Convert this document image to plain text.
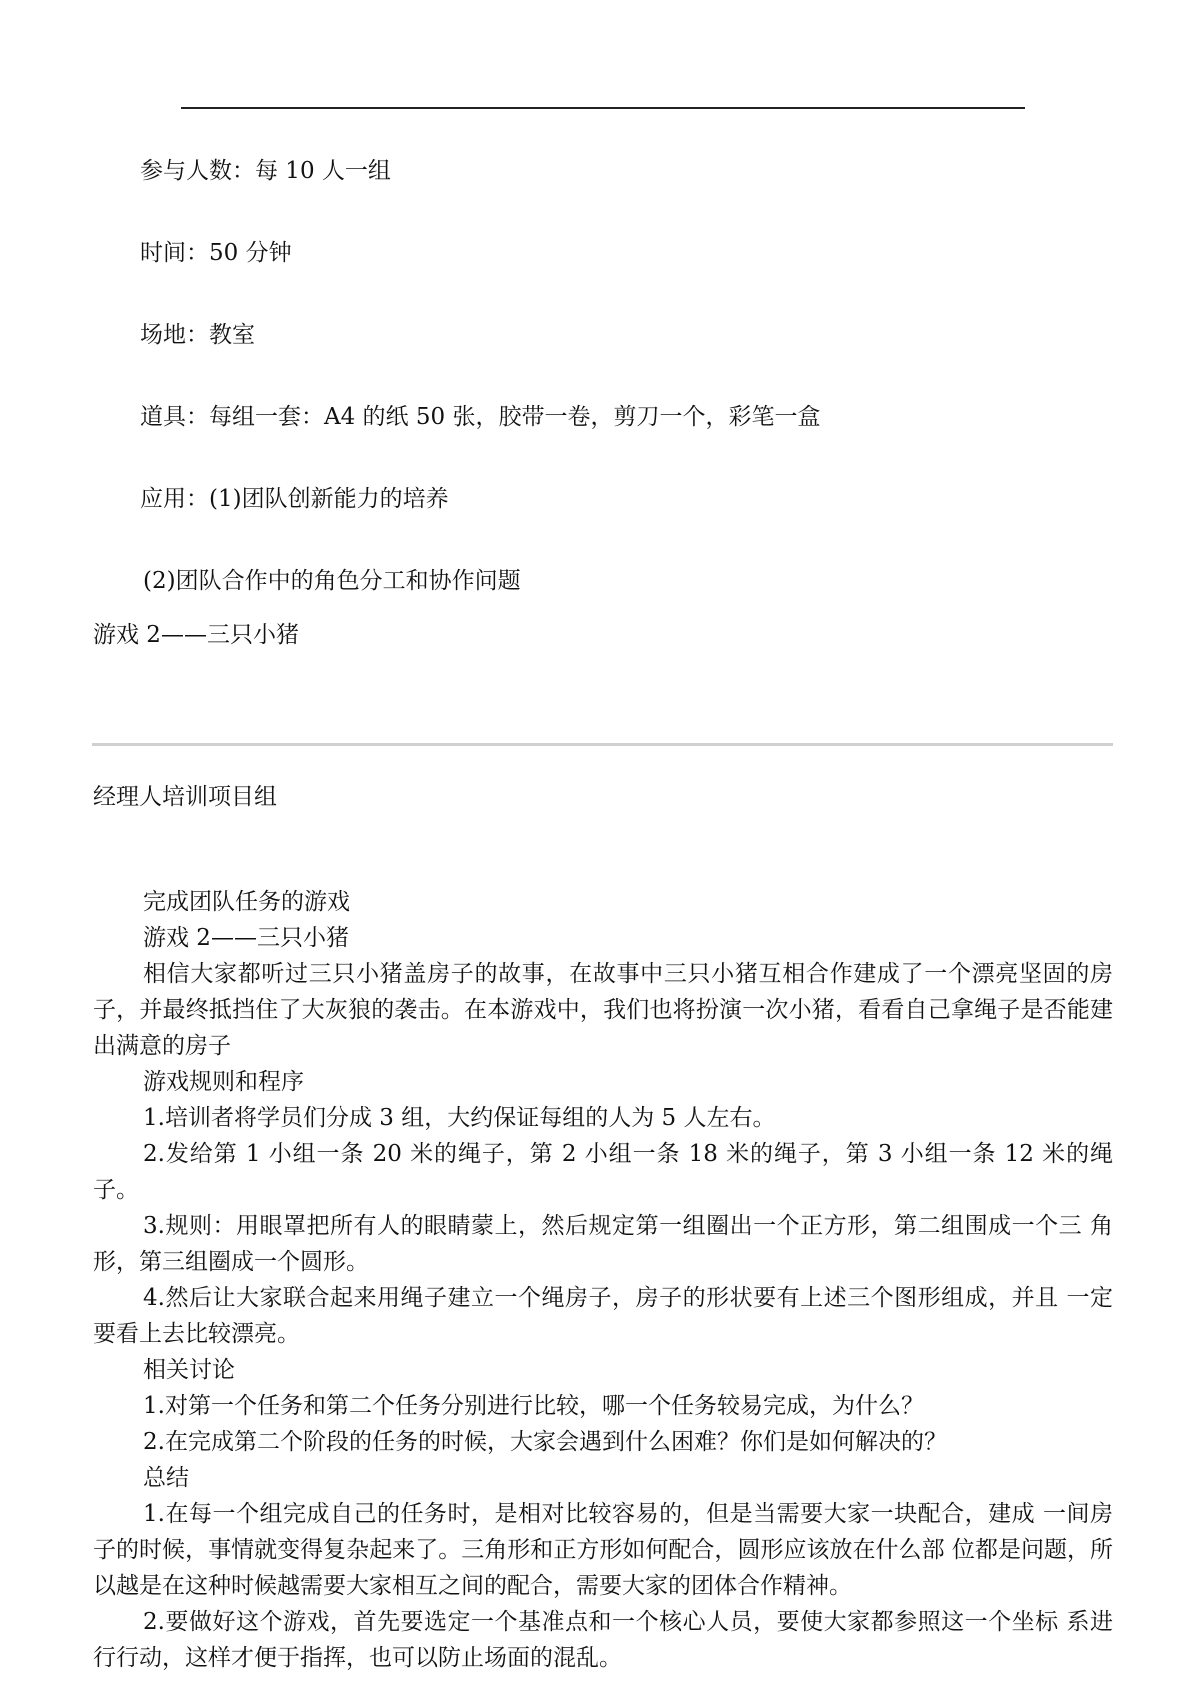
参与人数：每 10 人一组
时间：50 分钟
场地：教室
道具：每组一套：A4 的纸 50 张，胶带一卷，剪刀一个，彩笔一盒
应用：(1)团队创新能力的培养
(2)团队合作中的角色分工和协作问题
游戏 2——三只小猪
经理人培训项目组

完成团队任务的游戏

游戏 2——三只小猪

相信大家都听过三只小猪盖房子的故事，在故事中三只小猪互相合作建成了一个漂亮坚固的房子，并最终抵挡住了大灰狼的袭击。在本游戏中，我们也将扮演一次小猪，看看自己拿绳子是否能建出满意的房子

游戏规则和程序

1.培训者将学员们分成 3 组，大约保证每组的人为 5 人左右。

2.发给第 1 小组一条 20 米的绳子，第 2 小组一条 18 米的绳子，第 3 小组一条 12 米的绳子。

3.规则：用眼罩把所有人的眼睛蒙上，然后规定第一组圈出一个正方形，第二组围成一个三 角形，第三组圈成一个圆形。

4.然后让大家联合起来用绳子建立一个绳房子，房子的形状要有上述三个图形组成，并且 一定要看上去比较漂亮。

相关讨论

1.对第一个任务和第二个任务分别进行比较，哪一个任务较易完成，为什么？

2.在完成第二个阶段的任务的时候，大家会遇到什么困难？你们是如何解决的？

总结

1.在每一个组完成自己的任务时，是相对比较容易的，但是当需要大家一块配合，建成 一间房子的时候，事情就变得复杂起来了。三角形和正方形如何配合，圆形应该放在什么部 位都是问题，所以越是在这种时候越需要大家相互之间的配合，需要大家的团体合作精神。

2.要做好这个游戏，首先要选定一个基准点和一个核心人员，要使大家都参照这一个坐标 系进行行动，这样才便于指挥，也可以防止场面的混乱。
